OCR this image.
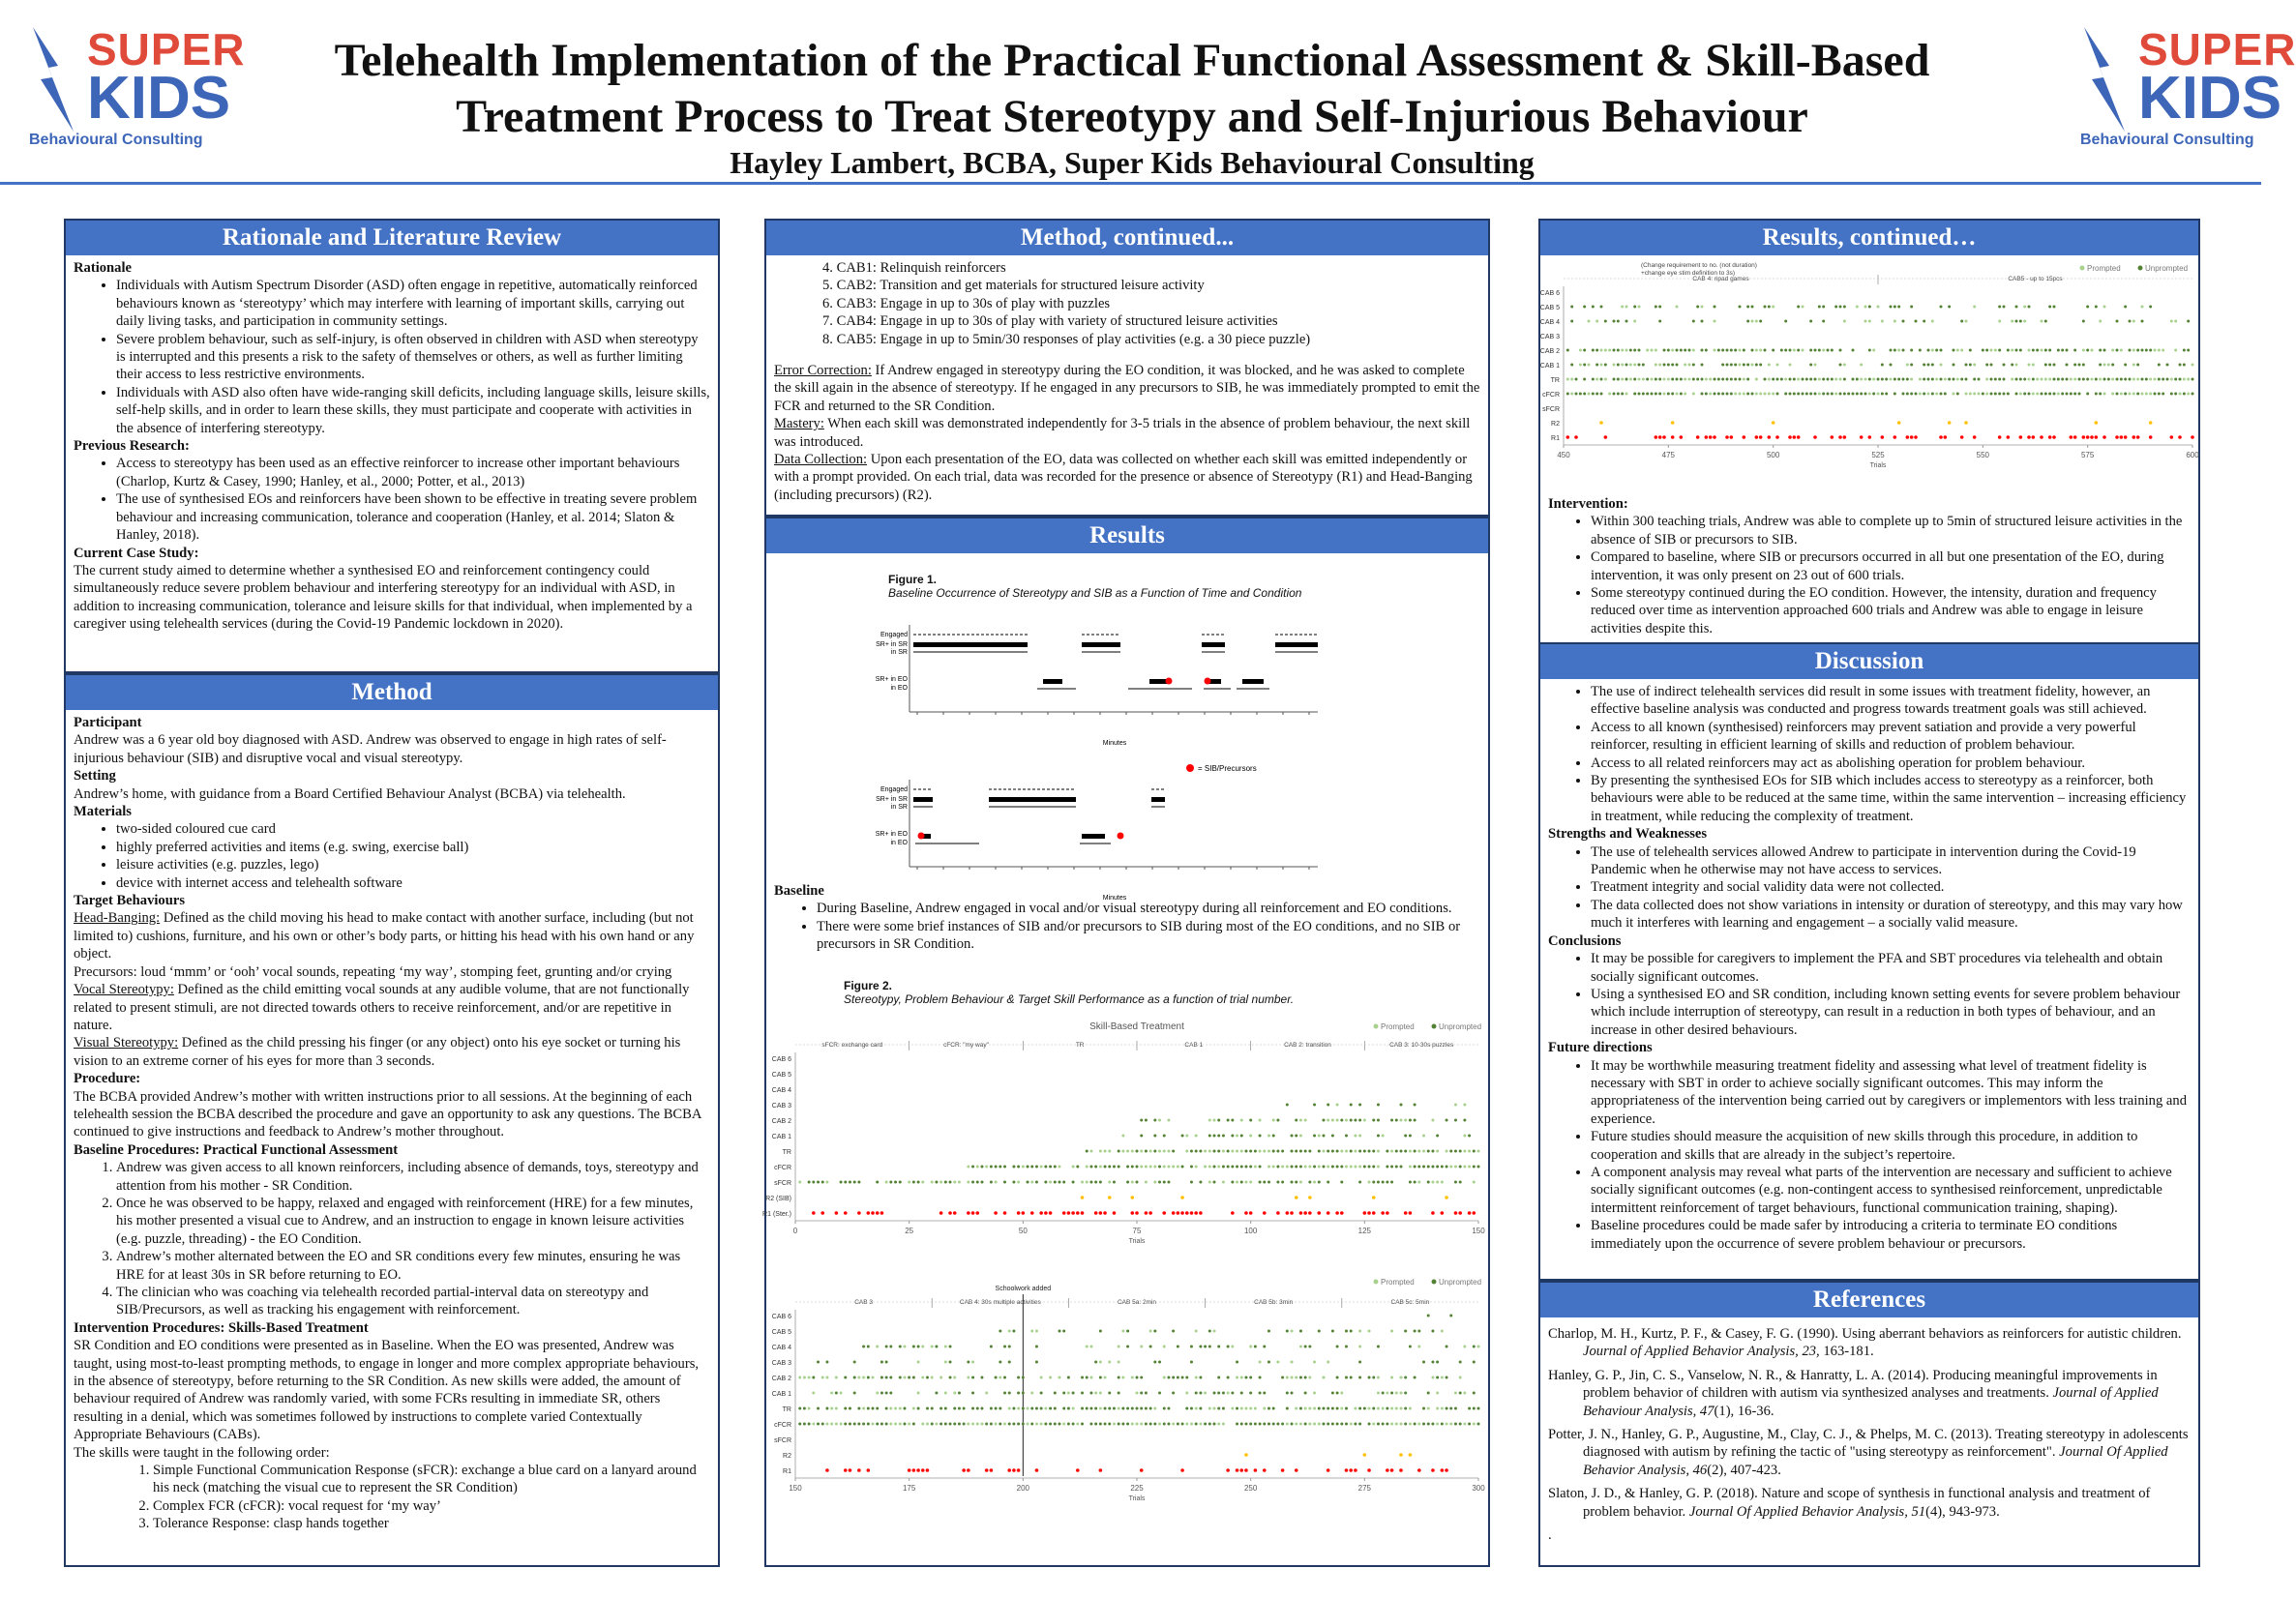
SUPER
KIDS
Behavioural Consulting
SUPER
KIDS
Behavioural Consulting
Telehealth Implementation of the Practical Functional Assessment & Skill-Based
Treatment Process to Treat Stereotypy and Self-Injurious Behaviour
Hayley Lambert, BCBA, Super Kids Behavioural Consulting
Rationale and Literature Review

Rationale

• Individuals with Autism Spectrum Disorder (ASD) often engage in repetitive, automatically reinforced behaviours known as ‘stereotypy’ which may interfere with learning of important skills, carrying out daily living tasks, and participation in community settings.
• Severe problem behaviour, such as self-injury, is often observed in children with ASD when stereotypy is interrupted and this presents a risk to the safety of themselves or others, as well as further limiting their access to less restrictive environments.
• Individuals with ASD also often have wide-ranging skill deficits, including language skills, leisure skills, self-help skills, and in order to learn these skills, they must participate and cooperate with activities in the absence of interfering stereotypy.

Previous Research:

• Access to stereotypy has been used as an effective reinforcer to increase other important behaviours (Charlop, Kurtz & Casey, 1990; Hanley, et al., 2000; Potter, et al., 2013)
• The use of synthesised EOs and reinforcers have been shown to be effective in treating severe problem behaviour and increasing communication, tolerance and cooperation (Hanley, et al. 2014; Slaton & Hanley, 2018).

Current Case Study:

The current study aimed to determine whether a synthesised EO and reinforcement contingency could simultaneously reduce severe problem behaviour and interfering stereotypy for an individual with ASD, in addition to increasing communication, tolerance and leisure skills for that individual, when implemented by a caregiver using telehealth services (during the Covid-19 Pandemic lockdown in 2020).

Method

Participant

Andrew was a 6 year old boy diagnosed with ASD. Andrew was observed to engage in high rates of self-injurious behaviour (SIB) and disruptive vocal and visual stereotypy.

Setting

Andrew’s home, with guidance from a Board Certified Behaviour Analyst (BCBA) via telehealth.

Materials

• two-sided coloured cue card
• highly preferred activities and items (e.g. swing, exercise ball)
• leisure activities (e.g. puzzles, lego)
• device with internet access and telehealth software

Target Behaviours

Head-Banging: Defined as the child moving his head to make contact with another surface, including (but not limited to) cushions, furniture, and his own or other’s body parts, or hitting his head with his own hand or any object.

Precursors: loud ‘mmm’ or ‘ooh’ vocal sounds, repeating ‘my way’, stomping feet, grunting and/or crying

Vocal Stereotypy: Defined as the child emitting vocal sounds at any audible volume, that are not functionally related to present stimuli, are not directed towards others to receive reinforcement, and/or are repetitive in nature.

Visual Stereotypy: Defined as the child pressing his finger (or any object) onto his eye socket or turning his vision to an extreme corner of his eyes for more than 3 seconds.

Procedure:

The BCBA provided Andrew’s mother with written instructions prior to all sessions. At the beginning of each telehealth session the BCBA described the procedure and gave an opportunity to ask any questions. The BCBA continued to give instructions and feedback to Andrew’s mother throughout.

Baseline Procedures: Practical Functional Assessment

1. Andrew was given access to all known reinforcers, including absence of demands, toys, stereotypy and attention from his mother - SR Condition.
2. Once he was observed to be happy, relaxed and engaged with reinforcement (HRE) for a few minutes, his mother presented a visual cue to Andrew, and an instruction to engage in known leisure activities (e.g. puzzle, threading) - the EO Condition.
3. Andrew’s mother alternated between the EO and SR conditions every few minutes, ensuring he was HRE for at least 30s in SR before returning to EO.
4. The clinician who was coaching via telehealth recorded partial-interval data on stereotypy and SIB/Precursors, as well as tracking his engagement with reinforcement.

Intervention Procedures: Skills-Based Treatment

SR Condition and EO conditions were presented as in Baseline. When the EO was presented, Andrew was taught, using most-to-least prompting methods, to engage in longer and more complex appropriate behaviours, in the absence of stereotypy, before returning to the SR Condition. As new skills were added, the amount of behaviour required of Andrew was randomly varied, with some FCRs resulting in immediate SR, others resulting in a denial, which was sometimes followed by instructions to complete varied Contextually Appropriate Behaviours (CABs).

The skills were taught in the following order:

1. Simple Functional Communication Response (sFCR): exchange a blue card on a lanyard around his neck (matching the visual cue to represent the SR Condition)
2. Complex FCR (cFCR): vocal request for ‘my way’
3. Tolerance Response: clasp hands together
Method, continued...

4. CAB1: Relinquish reinforcers

5. CAB2: Transition and get materials for structured leisure activity

6. CAB3: Engage in up to 30s of play with puzzles

7. CAB4: Engage in up to 30s of play with variety of structured leisure activities

8. CAB5: Engage in up to 5min/30 responses of play activities (e.g. a 30 piece puzzle)

Error Correction: If Andrew engaged in stereotypy during the EO condition, it was blocked, and he was asked to complete the skill again in the absence of stereotypy. If he engaged in any precursors to SIB, he was immediately prompted to emit the FCR and returned to the SR Condition.

Mastery: When each skill was demonstrated independently for 3-5 trials in the absence of problem behaviour, the next skill was introduced.

Data Collection: Upon each presentation of the EO, data was collected on whether each skill was emitted independently or with a prompt provided. On each trial, data was recorded for the presence or absence of Stereotypy (R1) and Head-Banging (including precursors) (R2).

Results
Figure 1.
Baseline Occurrence of Stereotypy and SIB as a Function of Time and Condition
Engaged
SR+ in SR
in SR
SR+ in EO
in EO
Minutes
= SIB/Precursors
Engaged
SR+ in SR
in SR
SR+ in EO
in EO
Minutes

Baseline

• During Baseline, Andrew engaged in vocal and/or visual stereotypy during all reinforcement and EO conditions.
• There were some brief instances of SIB and/or precursors to SIB during most of the EO conditions, and no SIB or precursors in SR Condition.
Figure 2.
Stereotypy, Problem Behaviour & Target Skill Performance as a function of trial number.
Skill-Based Treatment	Prompted	Unprompted
sFCR: exchange card	cFCR: "my way"	TR	CAB 1	CAB 2: transition	CAB 3: 10-30s puzzles
CAB 6
CAB 5
CAB 4
CAB 3
CAB 2
CAB 1
TR
cFCR
sFCR
R2 (SIB)
R1 (Ster.)
0	25	50	75	100	125	150
Trials
Prompted	Unprompted
CAB 3	CAB 4: 30s multiple activities	CAB 5a: 2min	CAB 5b: 3min	CAB 5c: 5min
Schoolwork added
CAB 6
CAB 5
CAB 4
CAB 3
CAB 2
CAB 1
TR
cFCR
sFCR
R2
R1
150	175	200	225	250	275	300
Trials
Results, continued…
Prompted	Unprompted
CAB 4: ripad games	CAB5 - up to 15pcs
(Change requirement to no. (not duration)
+change eye stim definition to 3s)
CAB 6
CAB 5
CAB 4
CAB 3
CAB 2
CAB 1
TR
cFCR
sFCR
R2
R1
450	475	500	525	550	575	600
Trials

Intervention:

• Within 300 teaching trials, Andrew was able to complete up to 5min of structured leisure activities in the absence of SIB or precursors to SIB.
• Compared to baseline, where SIB or precursors occurred in all but one presentation of the EO, during intervention, it was only present on 23 out of 600 trials.
• Some stereotypy continued during the EO condition. However, the intensity, duration and frequency reduced over time as intervention approached 600 trials and Andrew was able to engage in leisure activities despite this.
Discussion
• The use of indirect telehealth services did result in some issues with treatment fidelity, however, an effective baseline analysis was conducted and progress towards treatment goals was still achieved.
• Access to all known (synthesised) reinforcers may prevent satiation and provide a very powerful reinforcer, resulting in efficient learning of skills and reduction of problem behaviour.
• Access to all related reinforcers may act as abolishing operation for problem behaviour.
• By presenting the synthesised EOs for SIB which includes access to stereotypy as a reinforcer, both behaviours were able to be reduced at the same time, within the same intervention – increasing efficiency in treatment, while reducing the complexity of treatment.

Strengths and Weaknesses

• The use of telehealth services allowed Andrew to participate in intervention during the Covid-19 Pandemic when he otherwise may not have access to services.
• Treatment integrity and social validity data were not collected.
• The data collected does not show variations in intensity or duration of stereotypy, and this may vary how much it interferes with learning and engagement – a socially valid measure.

Conclusions

• It may be possible for caregivers to implement the PFA and SBT procedures via telehealth and obtain socially significant outcomes.
• Using a synthesised EO and SR condition, including known setting events for severe problem behaviour which include interruption of stereotypy, can result in a reduction in both types of behaviour, and an increase in other desired behaviours.

Future directions

• It may be worthwhile measuring treatment fidelity and assessing what level of treatment fidelity is necessary with SBT in order to achieve socially significant outcomes. This may inform the appropriateness of the intervention being carried out by caregivers or implementors with less training and experience.
• Future studies should measure the acquisition of new skills through this procedure, in addition to cooperation and skills that are already in the subject’s repertoire.
• A component analysis may reveal what parts of the intervention are necessary and sufficient to achieve socially significant outcomes (e.g. non-contingent access to synthesised reinforcement, unpredictable intermittent reinforcement of target behaviours, functional communication training, shaping).
• Baseline procedures could be made safer by introducing a criteria to terminate EO conditions immediately upon the occurrence of severe problem behaviour or precursors.
References

Charlop, M. H., Kurtz, P. F., & Casey, F. G. (1990). Using aberrant behaviors as reinforcers for autistic children. Journal of Applied Behavior Analysis, 23, 163-181.

Hanley, G. P., Jin, C. S., Vanselow, N. R., & Hanratty, L. A. (2014). Producing meaningful improvements in problem behavior of children with autism via synthesized analyses and treatments. Journal of Applied Behaviour Analysis, 47(1), 16-36.

Potter, J. N., Hanley, G. P., Augustine, M., Clay, C. J., & Phelps, M. C. (2013). Treating stereotypy in adolescents diagnosed with autism by refining the tactic of "using stereotypy as reinforcement". Journal Of Applied Behavior Analysis, 46(2), 407-423.

Slaton, J. D., & Hanley, G. P. (2018). Nature and scope of synthesis in functional analysis and treatment of problem behavior. Journal Of Applied Behavior Analysis, 51(4), 943-973.

.
